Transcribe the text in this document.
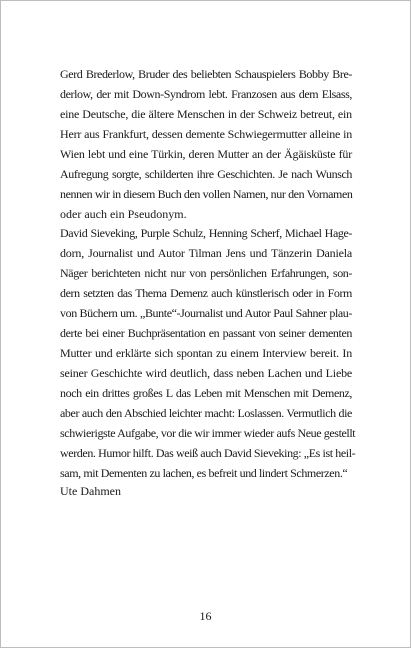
Gerd Brederlow, Bruder des beliebten Schauspielers Bobby Bre-
derlow, der mit Down-Syndrom lebt. Franzosen aus dem Elsass,
eine Deutsche, die ältere Menschen in der Schweiz betreut, ein
Herr aus Frankfurt, dessen demente Schwiegermutter alleine in
Wien lebt und eine Türkin, deren Mutter an der Ägäisküste für
Aufregung sorgte, schilderten ihre Geschichten. Je nach Wunsch
nennen wir in diesem Buch den vollen Namen, nur den Vornamen
oder auch ein Pseudonym.
David Sieveking, Purple Schulz, Henning Scherf, Michael Hage-
dorn, Journalist und Autor Tilman Jens und Tänzerin Daniela
Näger berichteten nicht nur von persönlichen Erfahrungen, son-
dern setzten das Thema Demenz auch künstlerisch oder in Form
von Büchern um. „Bunte“-Journalist und Autor Paul Sahner plau-
derte bei einer Buchpräsentation en passant von seiner dementen
Mutter und erklärte sich spontan zu einem Interview bereit. In
seiner Geschichte wird deutlich, dass neben Lachen und Liebe
noch ein drittes großes L das Leben mit Menschen mit Demenz,
aber auch den Abschied leichter macht: Loslassen. Vermutlich die
schwierigste Aufgabe, vor die wir immer wieder aufs Neue gestellt
werden. Humor hilft. Das weiß auch David Sieveking: „Es ist heil-
sam, mit Dementen zu lachen, es befreit und lindert Schmerzen.“
Ute Dahmen
16
